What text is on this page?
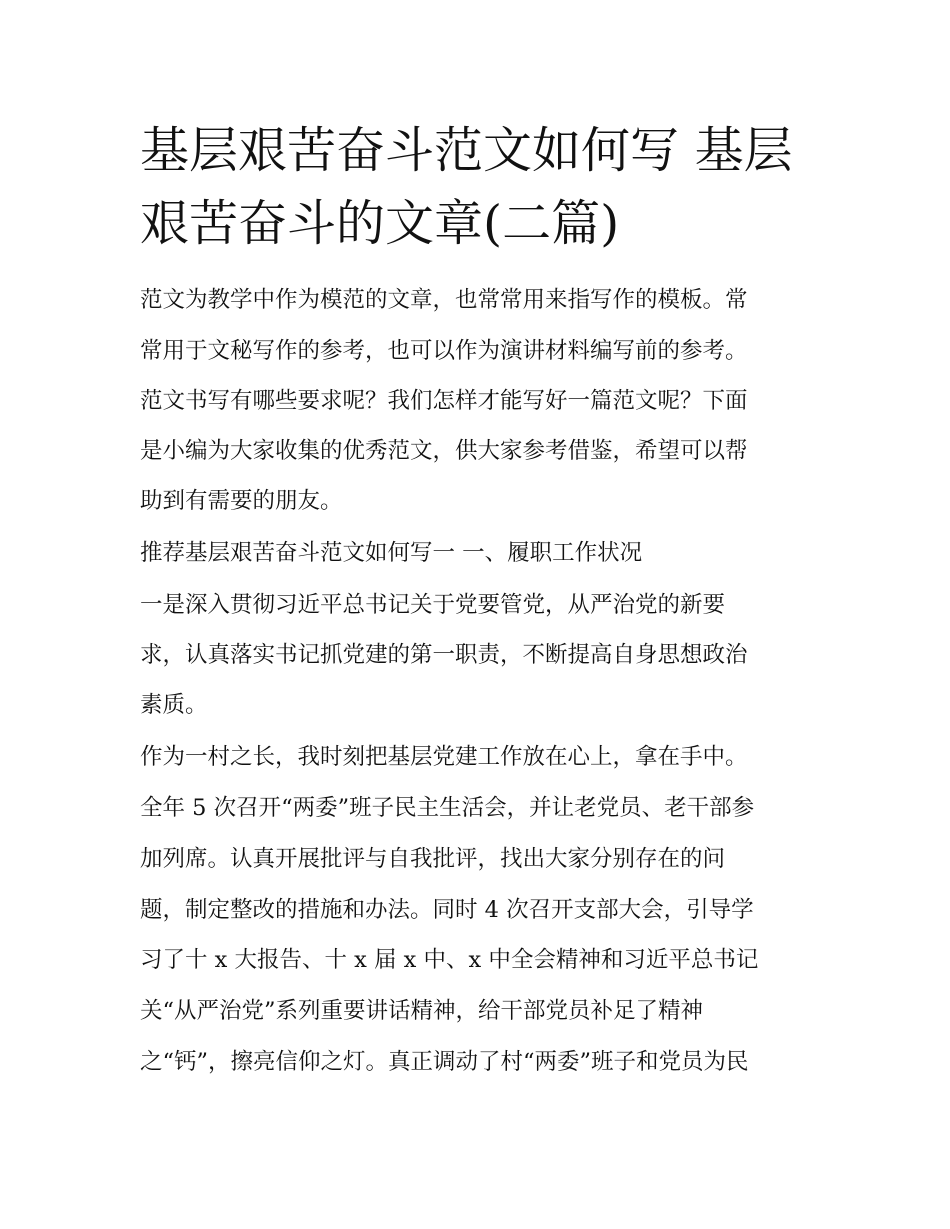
基层艰苦奋斗范文如何写 基层
艰苦奋斗的文章(二篇)

范文为教学中作为模范的文章，也常常用来指写作的模板。常

常用于文秘写作的参考，也可以作为演讲材料编写前的参考。

范文书写有哪些要求呢？我们怎样才能写好一篇范文呢？下面

是小编为大家收集的优秀范文，供大家参考借鉴，希望可以帮

助到有需要的朋友。

推荐基层艰苦奋斗范文如何写一 一、履职工作状况

一是深入贯彻习近平总书记关于党要管党，从严治党的新要

求，认真落实书记抓党建的第一职责，不断提高自身思想政治

素质。

作为一村之长，我时刻把基层党建工作放在心上，拿在手中。

全年 5 次召开“两委”班子民主生活会，并让老党员、老干部参

加列席。认真开展批评与自我批评，找出大家分别存在的问

题，制定整改的措施和办法。同时 4 次召开支部大会，引导学

习了十 x 大报告、十 x 届 x 中、x 中全会精神和习近平总书记

关“从严治党”系列重要讲话精神，给干部党员补足了精神

之“钙”，擦亮信仰之灯。真正调动了村“两委”班子和党员为民
